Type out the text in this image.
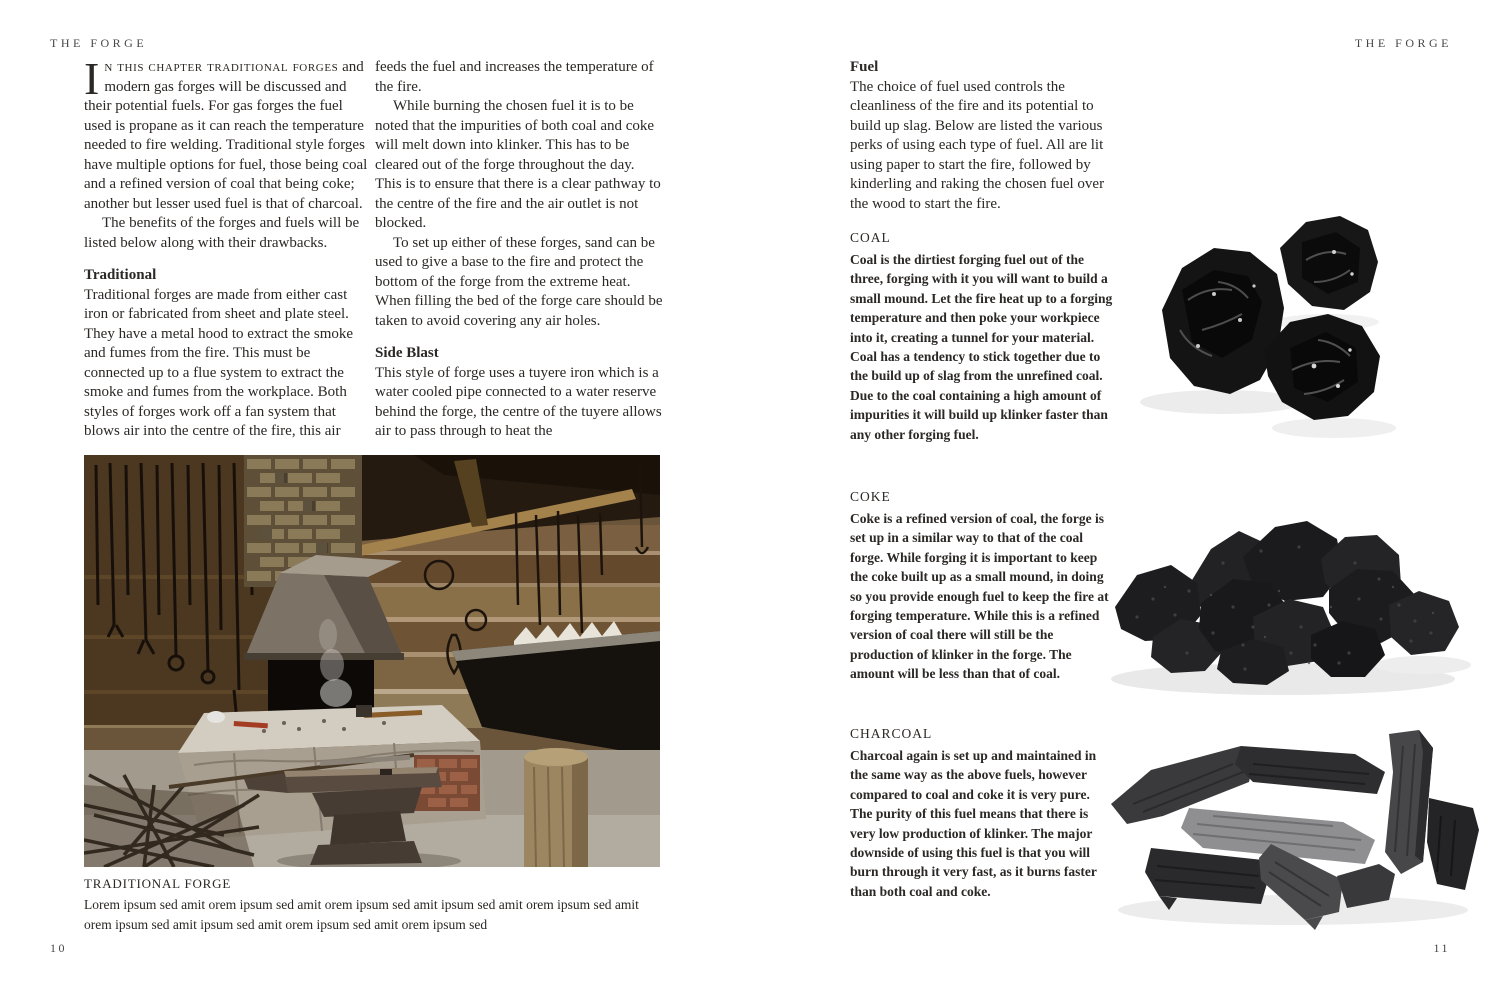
THE FORGE	THE FORGE

In this chapter traditional forges and modern gas forges will be discussed and their potential fuels. For gas forges the fuel used is propane as it can reach the temperature needed to fire welding. Traditional style forges have multiple options for fuel, those being coal and a refined version of coal that being coke; another but lesser used fuel is that of charcoal.

The benefits of the forges and fuels will be listed below along with their drawbacks.

Traditional

Traditional forges are made from either cast iron or fabricated from sheet and plate steel. They have a metal hood to extract the smoke and fumes from the fire. This must be connected up to a flue system to extract the smoke and fumes from the workplace. Both styles of forges work off a fan system that blows air into the centre of the fire, this air

feeds the fuel and increases the temperature of the fire.

While burning the chosen fuel it is to be noted that the impurities of both coal and coke will melt down into klinker. This has to be cleared out of the forge throughout the day. This is to ensure that there is a clear pathway to the centre of the fire and the air outlet is not blocked.

To set up either of these forges, sand can be used to give a base to the fire and protect the bottom of the forge from the extreme heat. When filling the bed of the forge care should be taken to avoid covering any air holes.

Side Blast

This style of forge uses a tuyere iron which is a water cooled pipe connected to a water reserve behind the forge, the centre of the tuyere allows air to pass through to heat the

TRADITIONAL FORGE
Lorem ipsum sed amit orem ipsum sed amit orem ipsum sed amit ipsum sed amit orem ipsum sed amit orem ipsum sed amit ipsum sed amit orem ipsum sed amit orem ipsum sed
Fuel
The choice of fuel used controls the cleanliness of the fire and its potential to build up slag. Below are listed the various perks of using each type of fuel. All are lit using paper to start the fire, followed by kinderling and raking the chosen fuel over the wood to start the fire.
COAL
Coal is the dirtiest forging fuel out of the three, forging with it you will want to build a small mound. Let the fire heat up to a forging temperature and then poke your workpiece into it, creating a tunnel for your material. Coal has a tendency to stick together due to the build up of slag from the unrefined coal. Due to the coal containing a high amount of impurities it will build up klinker faster than any other forging fuel.
COKE
Coke is a refined version of coal, the forge is set up in a similar way to that of the coal forge. While forging it is important to keep the coke built up as a small mound, in doing so you provide enough fuel to keep the fire at forging temperature. While this is a refined version of coal there will still be the production of klinker in the forge. The amount will be less than that of coal.
CHARCOAL
Charcoal again is set up and maintained in the same way as the above fuels, however compared to coal and coke it is very pure. The purity of this fuel means that there is very low production of klinker. The major downside of using this fuel is that you will burn through it very fast, as it burns faster than both coal and coke.
10	11
